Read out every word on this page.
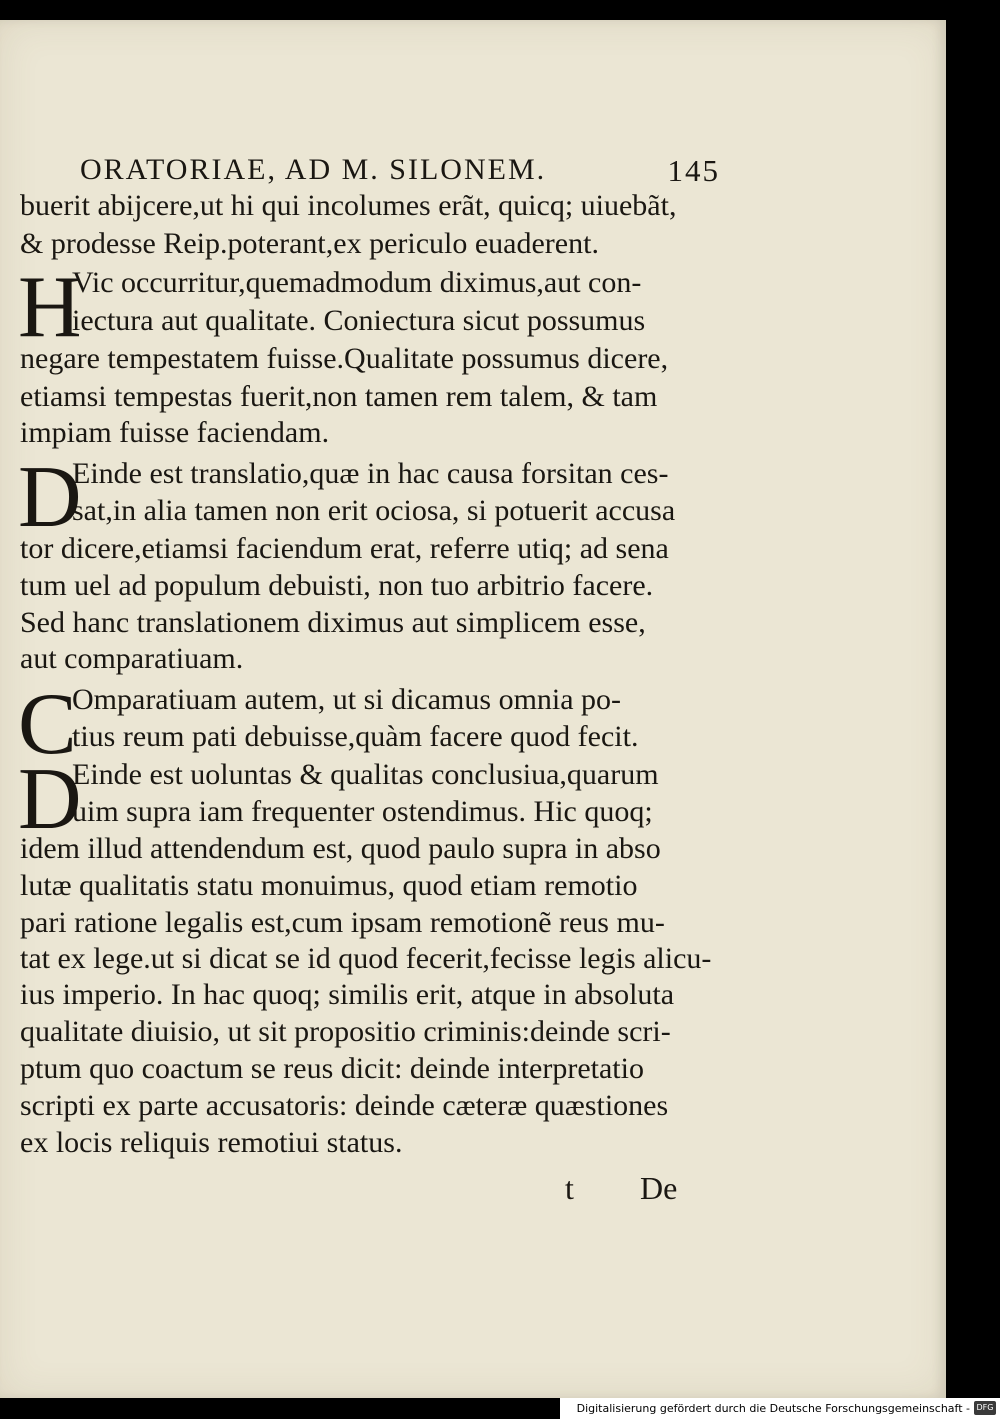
ORATORIAE, AD M. SILONEM.	145
buerit abijcere,ut hi qui incolumes erãt, quicq; uiuebãt,
& prodesse Reip.poterant,ex periculo euaderent.
H
Vic occurritur,quemadmodum diximus,aut con-
iectura aut qualitate. Coniectura sicut possumus
negare tempestatem fuisse.Qualitate possumus dicere,
etiamsi tempestas fuerit,non tamen rem talem, & tam
impiam fuisse faciendam.
D
Einde est translatio,quæ in hac causa forsitan ces-
sat,in alia tamen non erit ociosa, si potuerit accusa
tor dicere,etiamsi faciendum erat, referre utiq; ad sena
tum uel ad populum debuisti, non tuo arbitrio facere.
Sed hanc translationem diximus aut simplicem esse,
aut comparatiuam.
C
Omparatiuam autem, ut si dicamus omnia po-
tius reum pati debuisse,quàm facere quod fecit.
D
Einde est uoluntas & qualitas conclusiua,quarum
uim supra iam frequenter ostendimus. Hic quoq;
idem illud attendendum est, quod paulo supra in abso
lutæ qualitatis statu monuimus, quod etiam remotio
pari ratione legalis est,cum ipsam remotionẽ reus mu-
tat ex lege.ut si dicat se id quod fecerit,fecisse legis alicu-
ius imperio. In hac quoq; similis erit, atque in absoluta
qualitate diuisio, ut sit propositio criminis:deinde scri-
ptum quo coactum se reus dicit: deinde interpretatio
scripti ex parte accusatoris: deinde cæteræ quæstiones
ex locis reliquis remotiui status.
t De
Digitalisierung gefördert durch die Deutsche Forschungsgemeinschaft - DFG
